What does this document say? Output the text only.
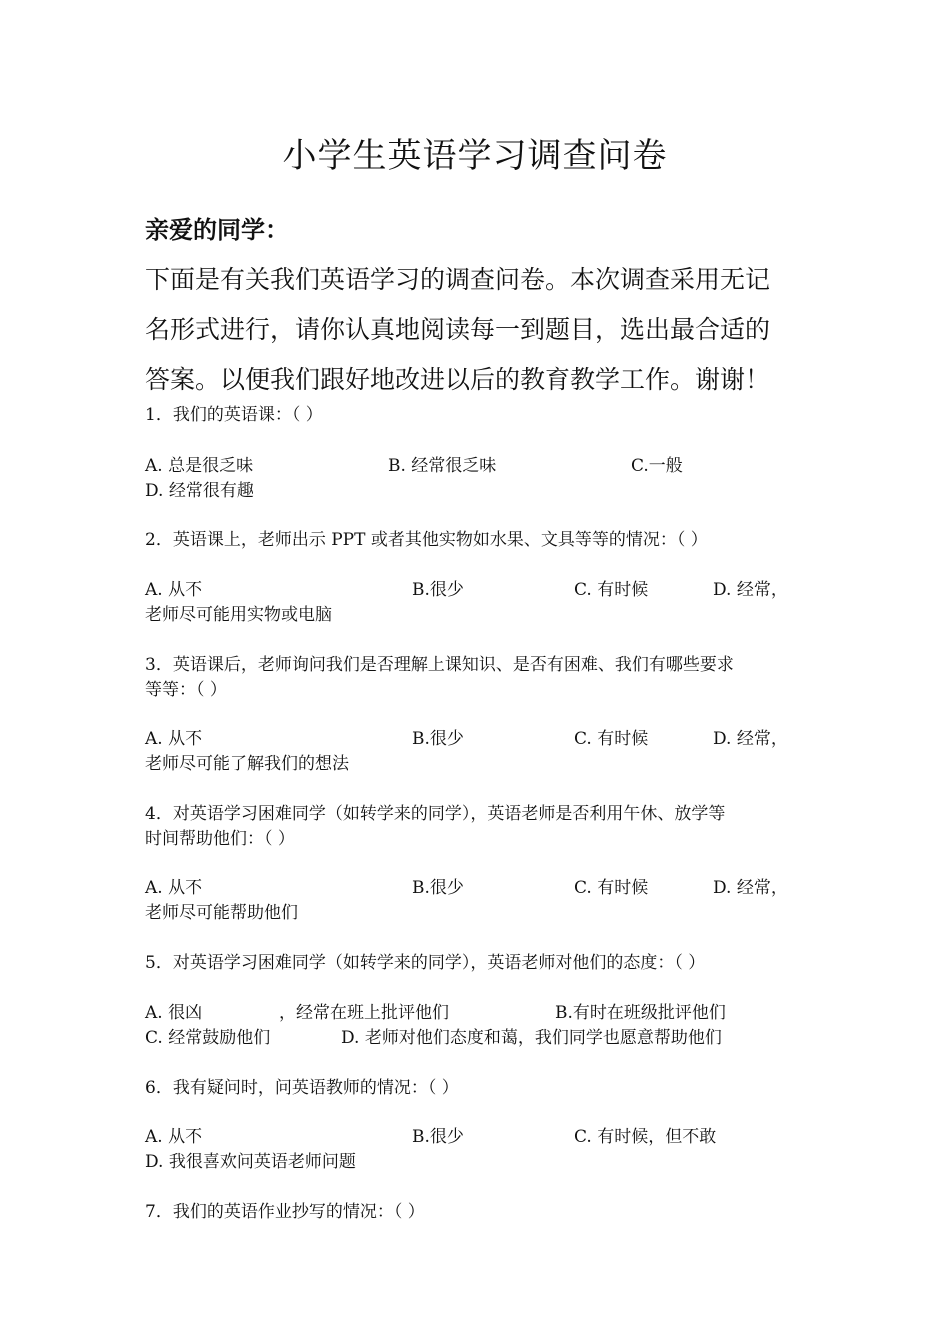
小学生英语学习调查问卷
亲爱的同学：
下面是有关我们英语学习的调查问卷。本次调查采用无记
名形式进行，请你认真地阅读每一到题目，选出最合适的
答案。以便我们跟好地改进以后的教育教学工作。谢谢！
1．我们的英语课：（ ）
A. 总是很乏味	B. 经常很乏味	C.一般
D. 经常很有趣
2．英语课上，老师出示 PPT 或者其他实物如水果、文具等等的情况：（ ）
A. 从不	B.很少	C. 有时候	D. 经常，
老师尽可能用实物或电脑
3．英语课后，老师询问我们是否理解上课知识、是否有困难、我们有哪些要求
等等：（ ）
A. 从不	B.很少	C. 有时候	D. 经常，
老师尽可能了解我们的想法
4．对英语学习困难同学（如转学来的同学），英语老师是否利用午休、放学等
时间帮助他们：（ ）
A. 从不	B.很少	C. 有时候	D. 经常，
老师尽可能帮助他们
5．对英语学习困难同学（如转学来的同学），英语老师对他们的态度：（ ）
A. 很凶	，经常在班上批评他们	B.有时在班级批评他们
C. 经常鼓励他们	D. 老师对他们态度和蔼，我们同学也愿意帮助他们
6．我有疑问时，问英语教师的情况：（ ）
A. 从不	B.很少	C. 有时候，但不敢
D. 我很喜欢问英语老师问题
7．我们的英语作业抄写的情况：（ ）
